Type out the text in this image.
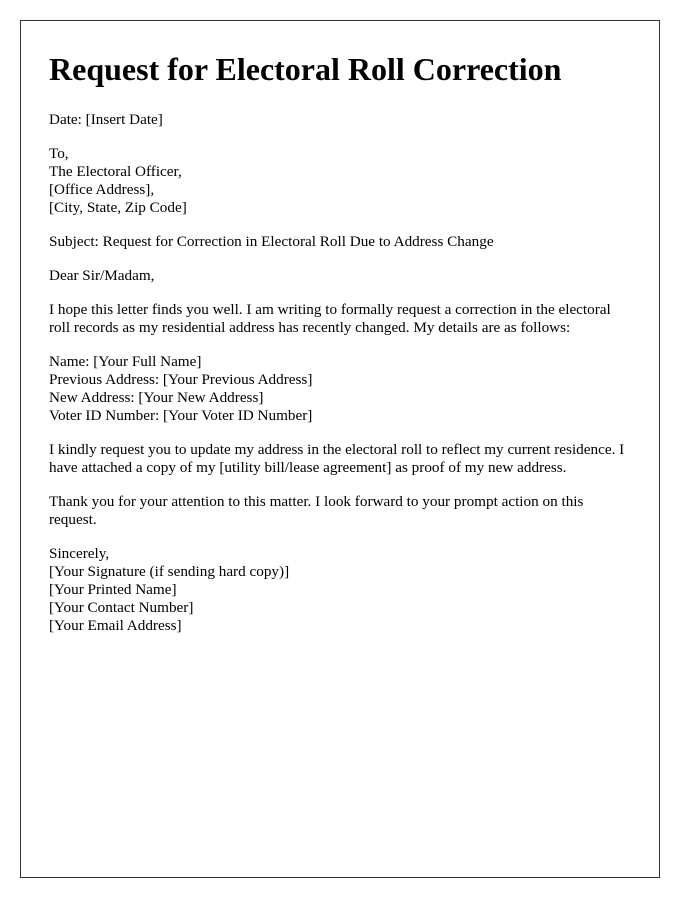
Request for Electoral Roll Correction

Date: [Insert Date]

To,
The Electoral Officer,
[Office Address],
[City, State, Zip Code]

Subject: Request for Correction in Electoral Roll Due to Address Change

Dear Sir/Madam,

I hope this letter finds you well. I am writing to formally request a correction in the electoral roll records as my residential address has recently changed. My details are as follows:

Name: [Your Full Name]
Previous Address: [Your Previous Address]
New Address: [Your New Address]
Voter ID Number: [Your Voter ID Number]

I kindly request you to update my address in the electoral roll to reflect my current residence. I have attached a copy of my [utility bill/lease agreement] as proof of my new address.

Thank you for your attention to this matter. I look forward to your prompt action on this request.

Sincerely,
[Your Signature (if sending hard copy)]
[Your Printed Name]
[Your Contact Number]
[Your Email Address]
